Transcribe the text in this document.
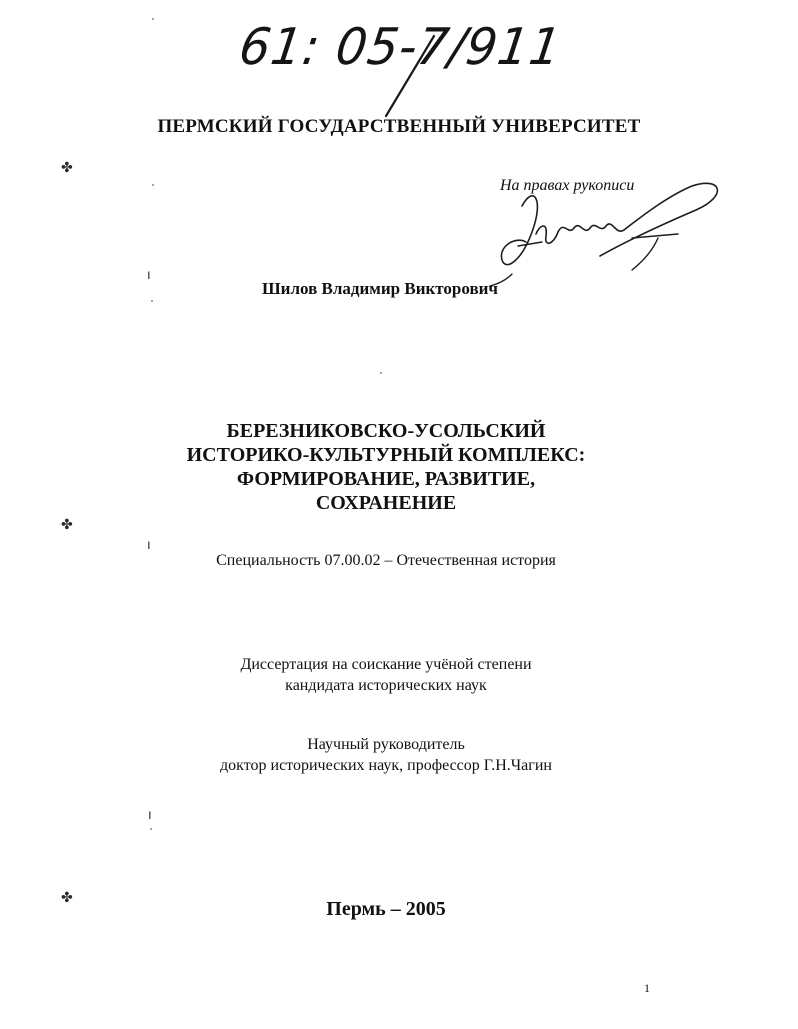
61: 05-7/911
ПЕРМСКИЙ ГОСУДАРСТВЕННЫЙ УНИВЕРСИТЕТ
На правах рукописи
Шилов Владимир Викторович
БЕРЕЗНИКОВСКО-УСОЛЬСКИЙ
ИСТОРИКО-КУЛЬТУРНЫЙ КОМПЛЕКС:
ФОРМИРОВАНИЕ, РАЗВИТИЕ,
СОХРАНЕНИЕ
Специальность 07.00.02 – Отечественная история
Диссертация на соискание учёной степени
кандидата исторических наук
Научный руководитель
доктор исторических наук, профессор Г.Н.Чагин
Пермь – 2005
1
✤
✤
✤
ı
ı
ı
